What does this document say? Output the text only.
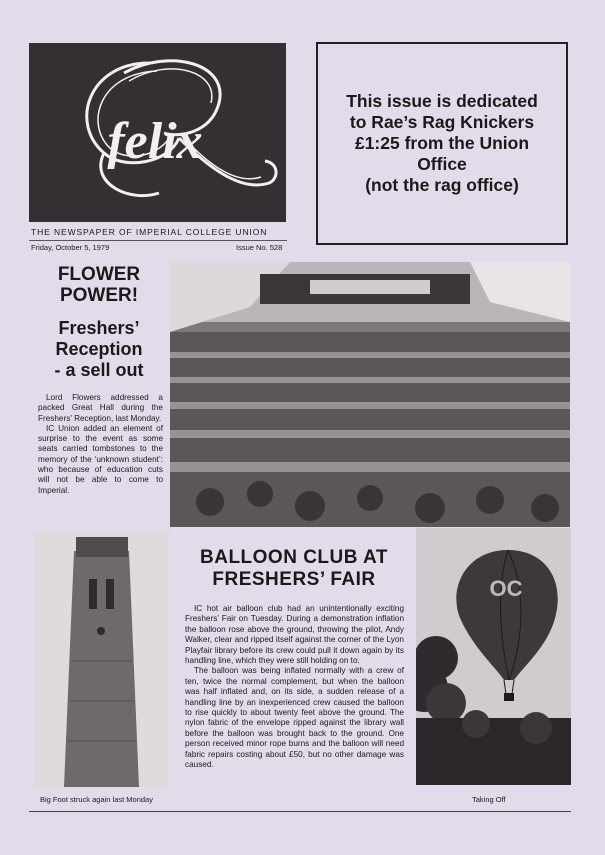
felix
THE NEWSPAPER OF IMPERIAL COLLEGE UNION
Friday, October 5, 1979	Issue No. 528
This issue is dedicated
to Rae’s Rag Knickers
£1:25 from the Union
Office
(not the rag office)
FLOWER
POWER!
Freshers’
Reception
- a sell out

Lord Flowers addressed a packed Great Hall during the Freshers’ Reception, last Monday.

IC Union added an element of surprise to the event as some seats carried tombstones to the memory of the ‘unknown student’: who because of education cuts will not be able to come to Imperial.

Big Foot struck again last Monday
BALLOON CLUB AT
FRESHERS’ FAIR

IC hot air balloon club had an unintentionally exciting Freshers’ Fair on Tuesday. During a demonstration inflation the balloon rose above the ground, throwing the pilot, Andy Walker, clear and ripped itself against the corner of the Lyon Playfair library before its crew could pull it down again by its handling line, which they were still holding on to.

The balloon was being inflated normally with a crew of ten, twice the normal complement, but when the balloon was half inflated and, on its side, a sudden release of a handling line by an inexperienced crew caused the balloon to rise quickly to about twenty feet above the ground. The nylon fabric of the envelope ripped against the library wall before the balloon was brought back to the ground. One person received minor rope burns and the balloon will need fabric repairs costing about £50, but no other damage was caused.

OC
Taking Off
